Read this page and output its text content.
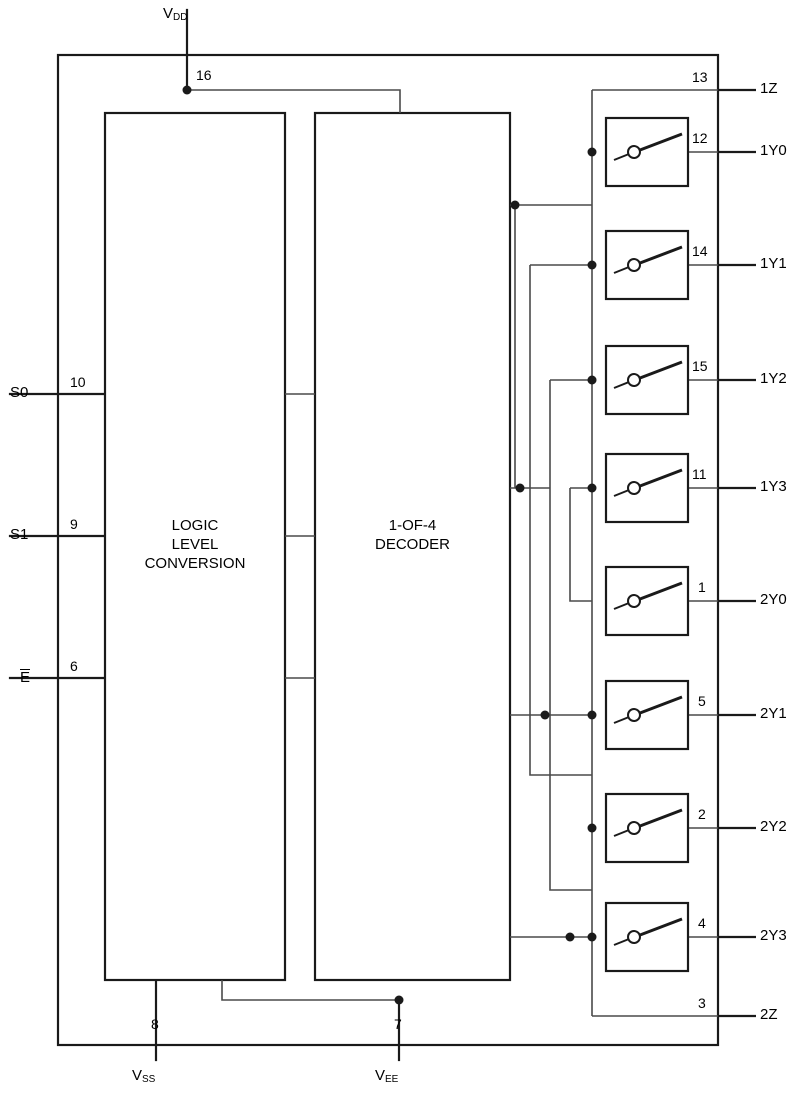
LOGIC
LEVEL
CONVERSION
1-OF-4
DECODER
S0
S1
E
10
9
6
$V_{DD}$
16
$V_{SS}$
8
$V_{EE}$
7
1Z
1Y0
1Y1
1Y2
1Y3
2Y0
2Y1
2Y2
2Y3
2Z
13
12
14
15
11
1
5
2
4
3
